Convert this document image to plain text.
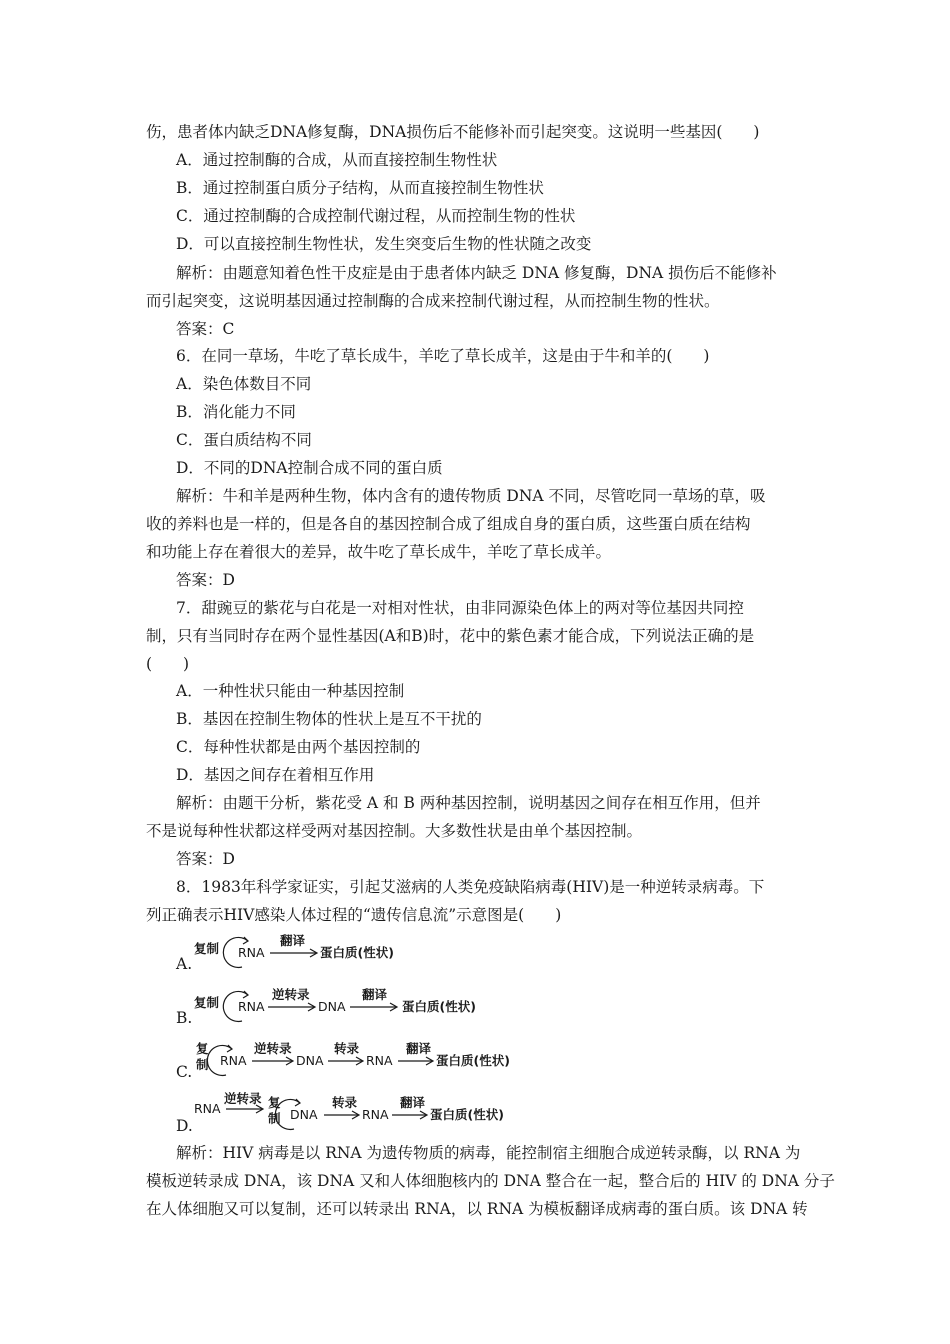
伤，患者体内缺乏DNA修复酶，DNA损伤后不能修补而引起突变。这说明一些基因(　　)
A．通过控制酶的合成，从而直接控制生物性状
B．通过控制蛋白质分子结构，从而直接控制生物性状
C．通过控制酶的合成控制代谢过程，从而控制生物的性状
D．可以直接控制生物性状，发生突变后生物的性状随之改变
解析：由题意知着色性干皮症是由于患者体内缺乏 DNA 修复酶，DNA 损伤后不能修补
而引起突变，这说明基因通过控制酶的合成来控制代谢过程，从而控制生物的性状。
答案：C
6．在同一草场，牛吃了草长成牛，羊吃了草长成羊，这是由于牛和羊的(　　)
A．染色体数目不同
B．消化能力不同
C．蛋白质结构不同
D．不同的DNA控制合成不同的蛋白质
解析：牛和羊是两种生物，体内含有的遗传物质 DNA 不同，尽管吃同一草场的草，吸
收的养料也是一样的，但是各自的基因控制合成了组成自身的蛋白质，这些蛋白质在结构
和功能上存在着很大的差异，故牛吃了草长成牛，羊吃了草长成羊。
答案：D
7．甜豌豆的紫花与白花是一对相对性状，由非同源染色体上的两对等位基因共同控
制，只有当同时存在两个显性基因(A和B)时，花中的紫色素才能合成，下列说法正确的是
(　　)
A．一种性状只能由一种基因控制
B．基因在控制生物体的性状上是互不干扰的
C．每种性状都是由两个基因控制的
D．基因之间存在着相互作用
解析：由题干分析，紫花受 A 和 B 两种基因控制，说明基因之间存在相互作用，但并
不是说每种性状都这样受两对基因控制。大多数性状是由单个基因控制。
答案：D
8．1983年科学家证实，引起艾滋病的人类免疫缺陷病毒(HIV)是一种逆转录病毒。下
列正确表示HIV感染人体过程的“遗传信息流”示意图是(　　)
A.
复制 RNA
翻译
蛋白质(性状)
B.
复制 RNA
逆转录
DNA
翻译
蛋白质(性状)
C.
复
制 RNA
逆转录
DNA
转录
RNA
翻译
蛋白质(性状)
D.
RNA
逆转录 复
制 DNA
转录
RNA
翻译
蛋白质(性状)
解析：HIV 病毒是以 RNA 为遗传物质的病毒，能控制宿主细胞合成逆转录酶，以 RNA 为
模板逆转录成 DNA，该 DNA 又和人体细胞核内的 DNA 整合在一起，整合后的 HIV 的 DNA 分子
在人体细胞又可以复制，还可以转录出 RNA，以 RNA 为模板翻译成病毒的蛋白质。该 DNA 转
